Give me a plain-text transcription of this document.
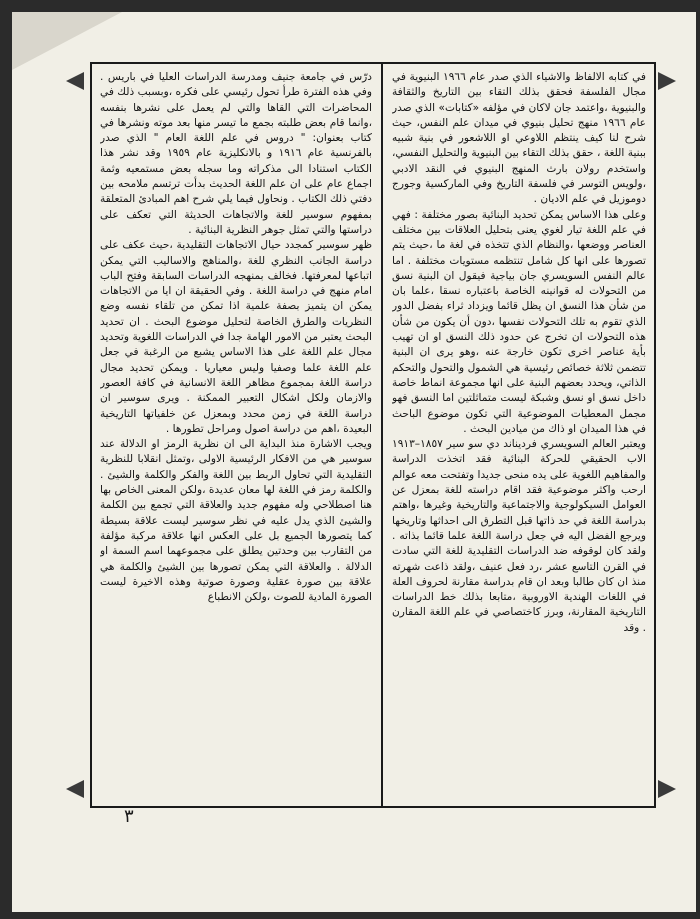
في كتابه الالفاظ والاشياء الذي صدر عام ١٩٦٦ البنيوية في مجال الفلسفة فحقق بذلك التقاء بين التاريخ والثقافة والبنيوية ،واعتمد جان لاكان في مؤلفه «كتابات» الذي صدر عام ١٩٦٦ منهج تحليل بنيوي في ميدان علم النفس، حيث شرح لنا كيف ينتظم اللاوعي او اللاشعور في بنية شبيه ببنية اللغة ، حقق بذلك التقاء بين البنيوية والتحليل النفسي، واستخدم رولان بارث المنهج البنيوي في النقد الادبي ،ولويس التوسر في فلسفة التاريخ وفي الماركسية وجورج دوموزيل في علم الاديان .

وعلى هذا الاساس يمكن تحديد البنائية بصور مختلفة : فهي في علم اللغة تيار لغوي يعنى بتحليل العلاقات بين مختلف العناصر ووضعها ،والنظام الذي تتخذه في لغة ما ،حيث يتم تصورها على انها كل شامل تنتظمه مستويات مختلفة . اما عالم النفس السويسري جان بياجية فيقول ان البنية نسق من التحولات له قوانينه الخاصة باعتباره نسقا ،علما بان من شأن هذا النسق ان يظل قائما ويزداد ثراء بفضل الدور الذي تقوم به تلك التحولات نفسها ،دون أن يكون من شأن هذه التحولات ان تخرج عن حدود ذلك النسق او ان تهيب بأية عناصر اخرى تكون خارجة عنه ،وهو يرى ان البنية تتضمن ثلاثة خصائص رئيسية هي الشمول والتحول والتحكم الذاتي، ويحدد بعضهم البنية على انها مجموعة انماط خاصة داخل نسق او نسق وشبكة ليست متماثلتين اما النسق فهو مجمل المعطيات الموضوعية التي تكون موضوع الباحث في هذا الميدان او ذاك من ميادين البحث .

ويعتبر العالم السويسري فرديناند دي سو سير ١٨٥٧–١٩١٣ الاب الحقيقي للحركة البنائية فقد اتخذت الدراسة والمفاهيم اللغوية على يده منحى جديدا وتفتحت معه عوالم ارحب واكثر موضوعية فقد اقام دراسته للغة بمعزل عن العوامل السيكولوجية والاجتماعية والتاريخية وغيرها ،واهتم بدراسة اللغة في حد ذاتها قبل التطرق الى احداثها وتاريخها ويرجع الفضل اليه في جعل دراسة اللغة علما قائما بذاته . ولقد كان لوقوفه ضد الدراسات التقليدية للغة التي سادت في القرن التاسع عشر ،رد فعل عنيف ،ولقد ذاعت شهرته منذ ان كان طالبا وبعد ان قام بدراسة مقارنة لحروف العلة في اللغات الهندية الاوروبية ،متابعا بذلك خط الدراسات التاريخية المقارنة، وبرز كاختصاصي في علم اللغة المقارن . وقد

درّس في جامعة جنيف ومدرسة الدراسات العليا في باريس . وفي هذه الفترة طرأ تحول رئيسي على فكره ،وبسبب ذلك في المحاضرات التي القاها والتي لم يعمل على نشرها بنفسه ،وانما قام بعض طلبته بجمع ما تيسر منها بعد موته ونشرها في كتاب بعنوان: " دروس في علم اللغة العام " الذي صدر بالفرنسية عام ١٩١٦ و بالانكليزية عام ١٩٥٩ وقد نشر هذا الكتاب استنادا الى مذكراته وما سجله بعض مستمعيه وثمة اجماع عام على ان علم اللغة الحديث بدأت ترتسم ملامحه بين دفتي ذلك الكتاب . ونحاول فيما يلي شرح اهم المبادئ المتعلقة بمفهوم سوسير للغة والاتجاهات الحديثة التي تعكف على دراستها والتي تمثل جوهر النظرية البنائية .

ظهر سوسير كمجدد حيال الاتجاهات التقليدية ،حيث عكف على دراسة الجانب النظري للغة ،والمناهج والاساليب التي يمكن اتباعها لمعرفتها. فخالف بمنهجه الدراسات السابقة وفتح الباب امام منهج في دراسة اللغة . وفي الحقيقة ان ايا من الاتجاهات يمكن ان يتميز بصفة علمية اذا تمكن من تلقاء نفسه وضع النظريات والطرق الخاصة لتحليل موضوع البحث . ان تحديد البحث يعتبر من الامور الهامة جدا في الدراسات اللغوية وتحديد مجال علم اللغة على هذا الاساس يشبع من الرغبة في جعل علم اللغة علما وصفيا وليس معياريا . ويمكن تحديد مجال دراسة اللغة بمجموع مظاهر اللغة الانسانية في كافة العصور والازمان ولكل اشكال التعبير الممكنة . ويرى سوسير ان دراسة اللغة في زمن محدد وبمعزل عن خلفياتها التاريخية البعيدة ،اهم من دراسة اصول ومراحل تطورها .

ويجب الاشارة منذ البداية الى ان نظرية الرمز او الدلالة عند سوسير هي من الافكار الرئيسية الاولى ،وتمثل انقلابا للنظرية التقليدية التي تحاول الربط بين اللغة والفكر والكلمة والشيئ . والكلمة رمز في اللغة لها معان عديدة ،ولكن المعنى الخاص بها هنا اصطلاحي وله مفهوم جديد والعلاقة التي تجمع بين الكلمة والشيئ الذي يدل عليه في نظر سوسير ليست علاقة بسيطة كما يتصورها الجميع بل على العكس انها علاقة مركبة مؤلفة من التقارب بين وحدتين يطلق على مجموعهما اسم السمة او الدلالة . والعلاقة التي يمكن تصورها بين الشيئ والكلمة هي علاقة بين صورة عقلية وصورة صوتية وهذه الاخيرة ليست الصورة المادية للصوت ،ولكن الانطباع

٣
